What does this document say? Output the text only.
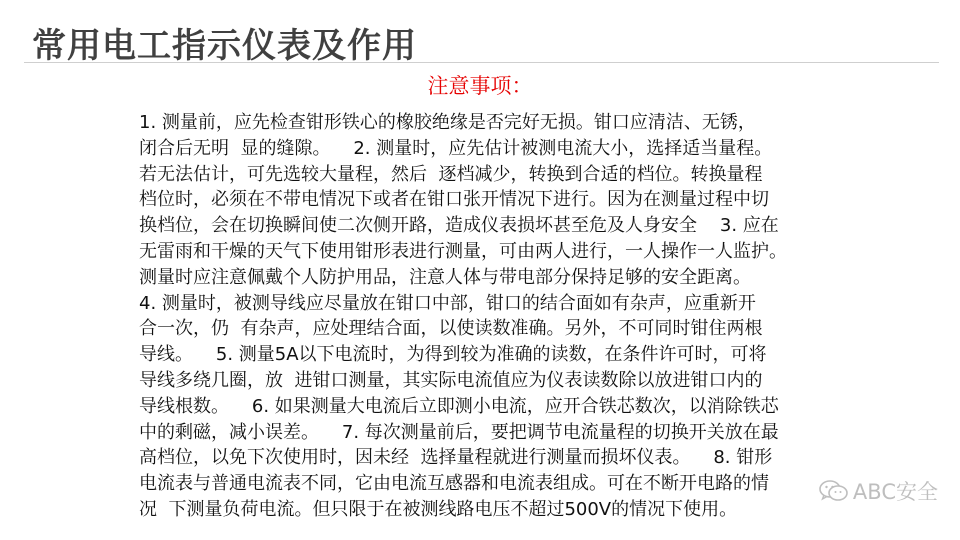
常用电工指示仪表及作用
注意事项：
1. 测量前，应先检查钳形铁心的橡胶绝缘是否完好无损。钳口应清洁、无锈，
闭合后无明  显的缝隙。    2. 测量时，应先估计被测电流大小，选择适当量程。
若无法估计，可先选较大量程，然后  逐档减少，转换到合适的档位。转换量程
档位时，必须在不带电情况下或者在钳口张开情况下进行。因为在测量过程中切
换档位，会在切换瞬间使二次侧开路，造成仪表损坏甚至危及人身安全    3. 应在
无雷雨和干燥的天气下使用钳形表进行测量，可由两人进行，一人操作一人监护。
测量时应注意佩戴个人防护用品，注意人体与带电部分保持足够的安全距离。
4. 测量时，被测导线应尽量放在钳口中部，钳口的结合面如有杂声，应重新开
合一次，仍  有杂声，应处理结合面，以使读数准确。另外，不可同时钳住两根
导线。    5. 测量5A以下电流时，为得到较为准确的读数，在条件许可时，可将
导线多绕几圈，放  进钳口测量，其实际电流值应为仪表读数除以放进钳口内的
导线根数。    6. 如果测量大电流后立即测小电流，应开合铁芯数次，以消除铁芯
中的剩磁，减小误差。    7. 每次测量前后，要把调节电流量程的切换开关放在最
高档位，以免下次使用时，因未经  选择量程就进行测量而损坏仪表。    8. 钳形
电流表与普通电流表不同，它由电流互感器和电流表组成。可在不断开电路的情
况  下测量负荷电流。但只限于在被测线路电压不超过500V的情况下使用。
ABC安全
